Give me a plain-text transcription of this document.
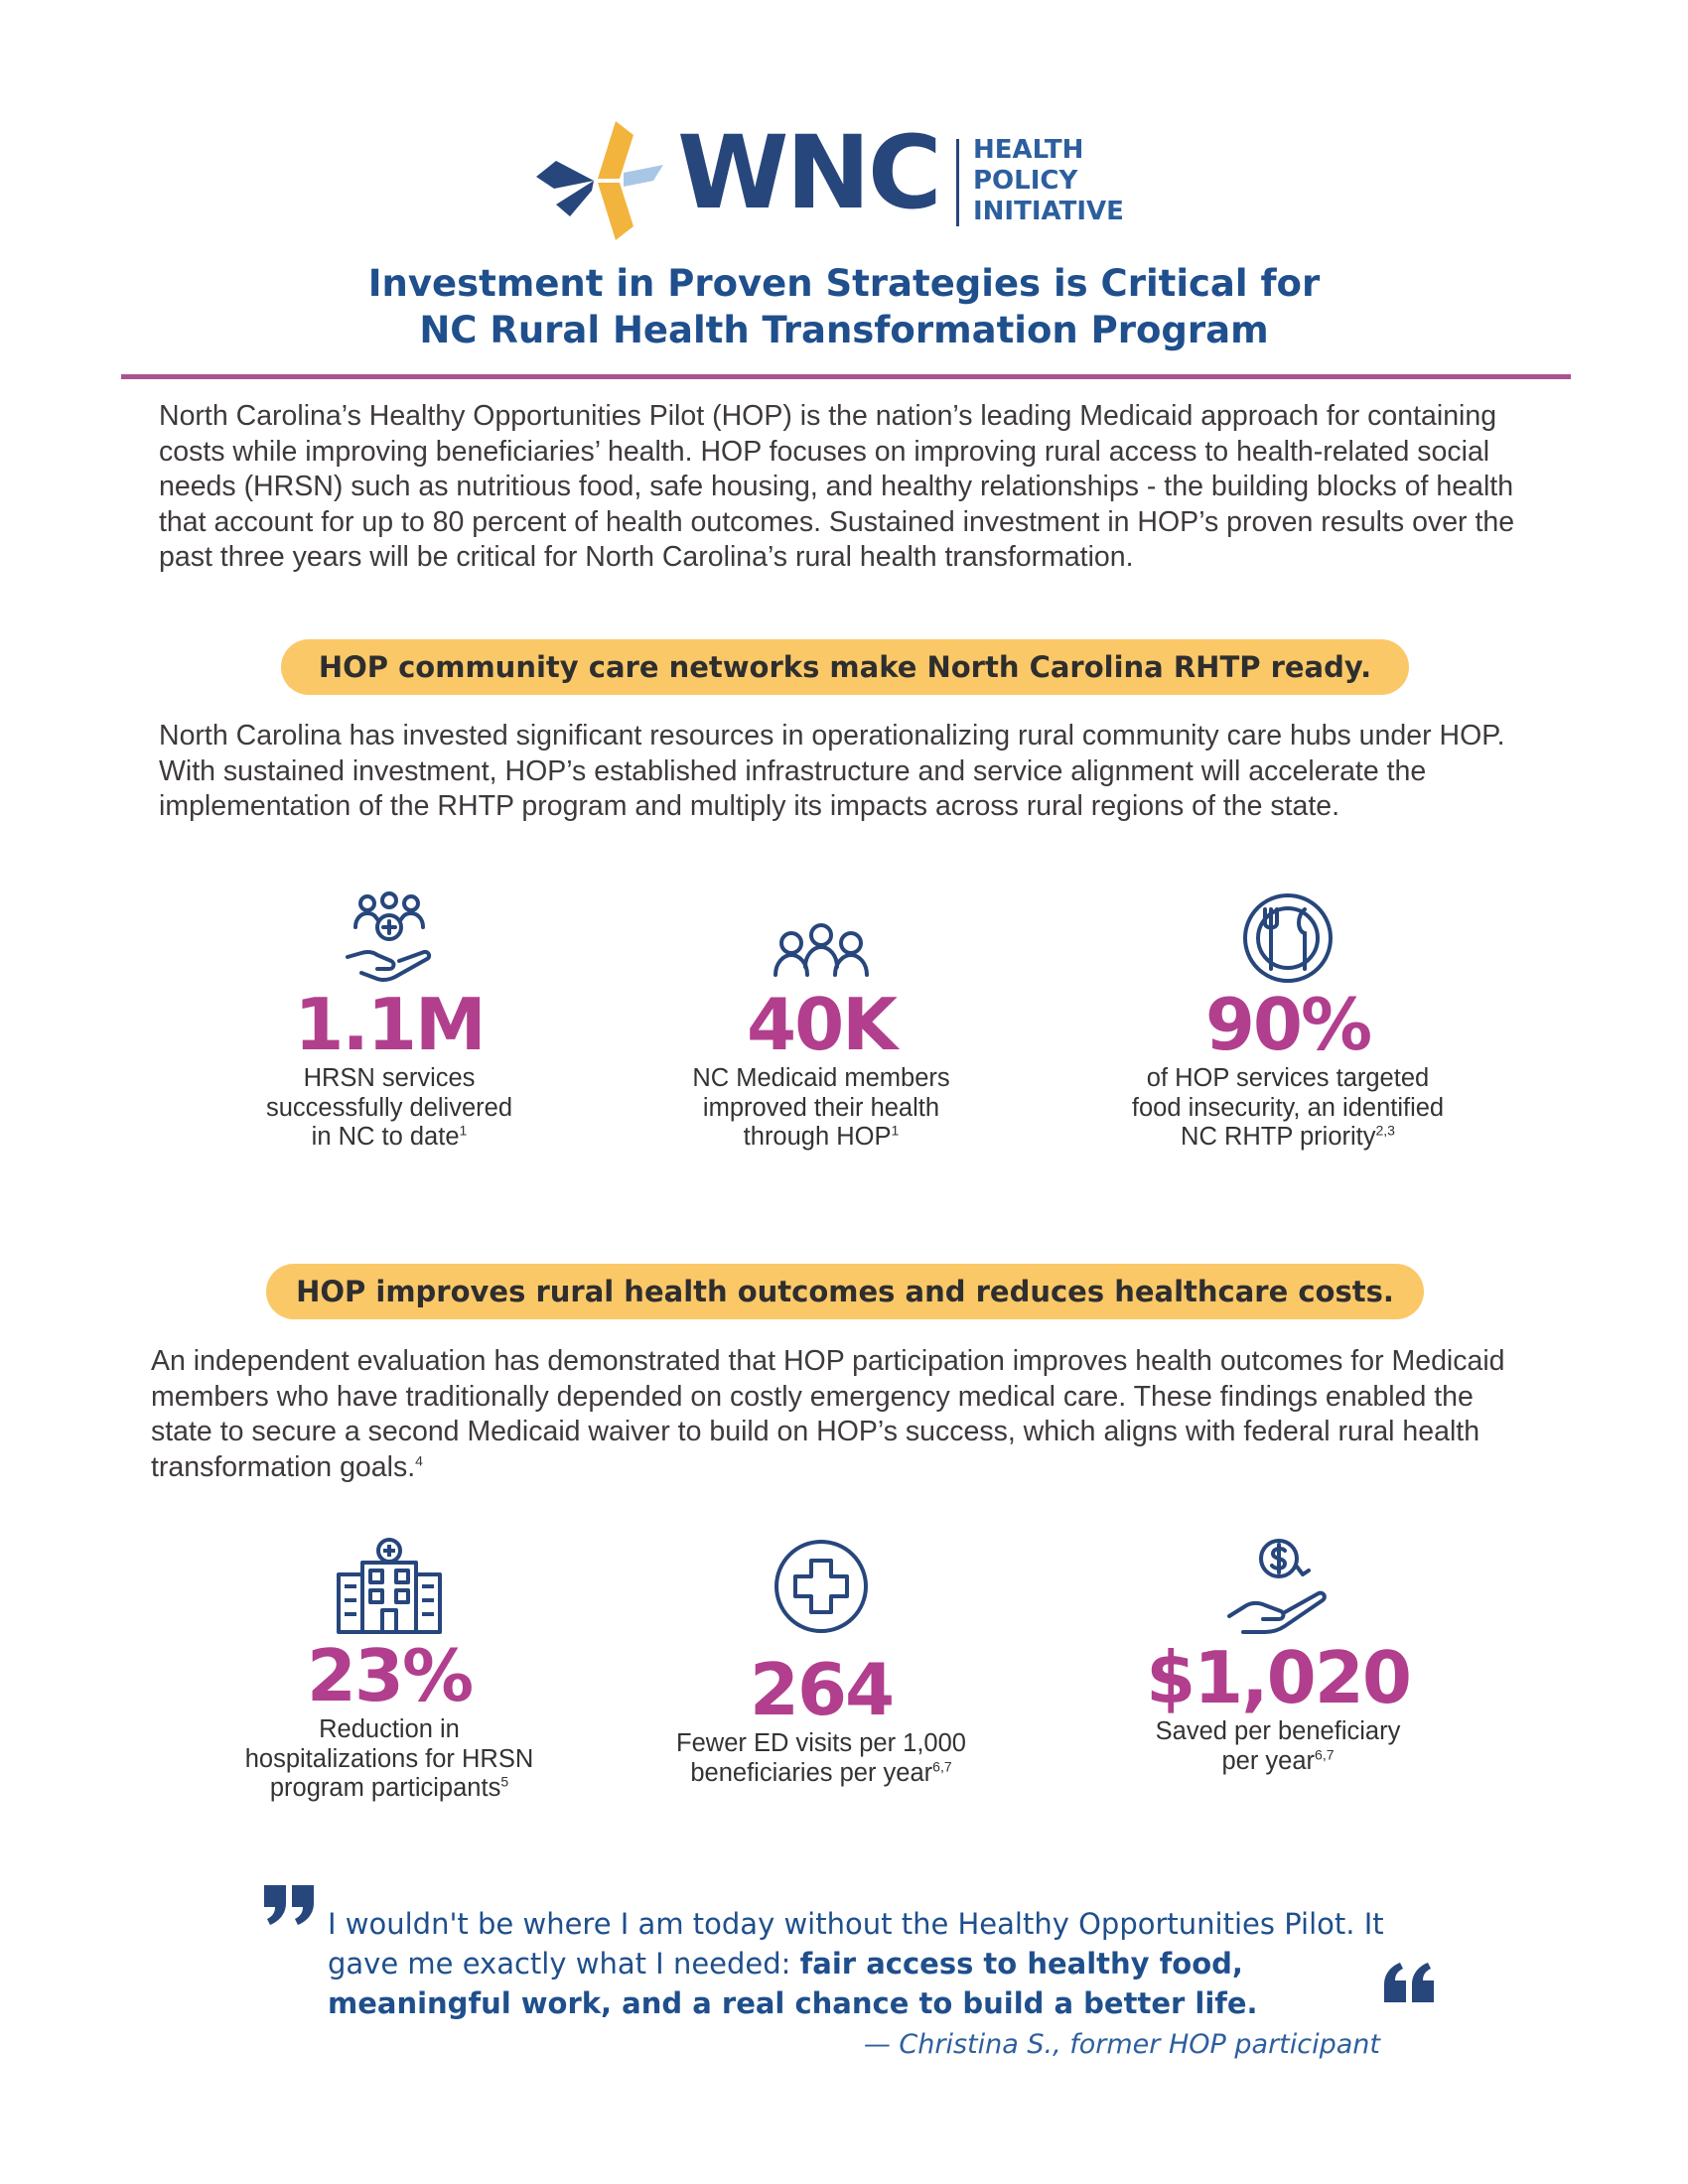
WNC HEALTH
POLICY
INITIATIVE
Investment in Proven Strategies is Critical for
NC Rural Health Transformation Program
North Carolina’s Healthy Opportunities Pilot (HOP) is the nation’s leading Medicaid approach for containing costs while improving beneficiaries’ health. HOP focuses on improving rural access to health-related social needs (HRSN) such as nutritious food, safe housing, and healthy relationships - the building blocks of health that account for up to 80 percent of health outcomes. Sustained investment in HOP’s proven results over the past three years will be critical for North Carolina’s rural health transformation.
HOP community care networks make North Carolina RHTP ready.
North Carolina has invested significant resources in operationalizing rural community care hubs under HOP. With sustained investment, HOP’s established infrastructure and service alignment will accelerate the implementation of the RHTP program and multiply its impacts across rural regions of the state.
1.1M
HRSN services
successfully delivered
in NC to date$^1$
40K
NC Medicaid members
improved their health
through HOP$^1$
90%
of HOP services targeted
food insecurity, an identified
NC RHTP priority$^{2,3}$
HOP improves rural health outcomes and reduces healthcare costs.
An independent evaluation has demonstrated that HOP participation improves health outcomes for Medicaid members who have traditionally depended on costly emergency medical care. These findings enabled the state to secure a second Medicaid waiver to build on HOP’s success, which aligns with federal rural health transformation goals.$^4$
23%
Reduction in
hospitalizations for HRSN
program participants$^5$
264
Fewer ED visits per 1,000
beneficiaries per year$^{6,7}$
$1,020
Saved per beneficiary
per year$^{6,7}$
I wouldn't be where I am today without the Healthy Opportunities Pilot. It gave me exactly what I needed: fair access to healthy food, meaningful work, and a real chance to build a better life.
— Christina S., former HOP participant
